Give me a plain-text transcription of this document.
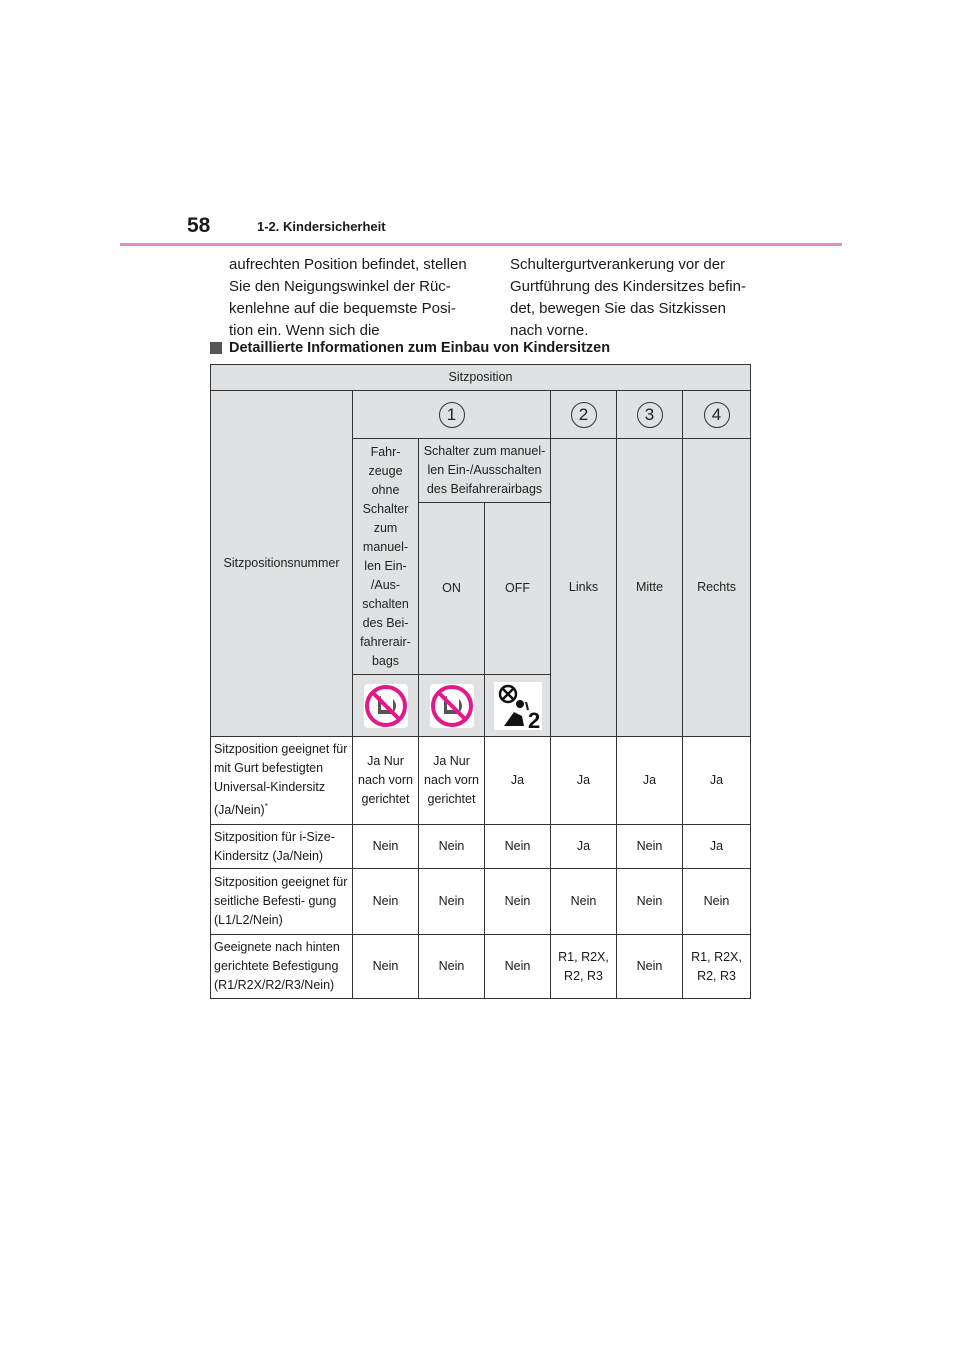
58	1-2. Kindersicherheit

aufrechten Position befindet, stellen

Sie den Neigungswinkel der Rüc-

kenlehne auf die bequemste Posi-

tion ein. Wenn sich die

Schultergurtverankerung vor der

Gurtführung des Kindersitzes befin-

det, bewegen Sie das Sitzkissen

nach vorne.

Detaillierte Informationen zum Einbau von Kindersitzen
Sitzposition						
Sitzpositionsnummer	1			2	3	4
	Fahr- zeuge ohne Schalter zum manuel- len Ein- /Aus- schalten des Bei- fahrerair- bags	Schalter zum manuel- len Ein-/Ausschalten des Beifahrerairbags		Links	Mitte	Rechts
		ON	OFF			

2			

Sitzposition geeignet für mit Gurt befestigten Universal-Kindersitz (Ja/Nein)*	Ja Nur nach vorn gerichtet	Ja Nur nach vorn gerichtet	Ja	Ja	Ja	Ja
Sitzposition für i-Size- Kindersitz (Ja/Nein)	Nein	Nein	Nein	Ja	Nein	Ja
Sitzposition geeignet für seitliche Befesti- gung (L1/L2/Nein)	Nein	Nein	Nein	Nein	Nein	Nein
Geeignete nach hinten gerichtete Befestigung (R1/R2X/R2/R3/Nein)	Nein	Nein	Nein	R1, R2X, R2, R3	Nein	R1, R2X, R2, R3
